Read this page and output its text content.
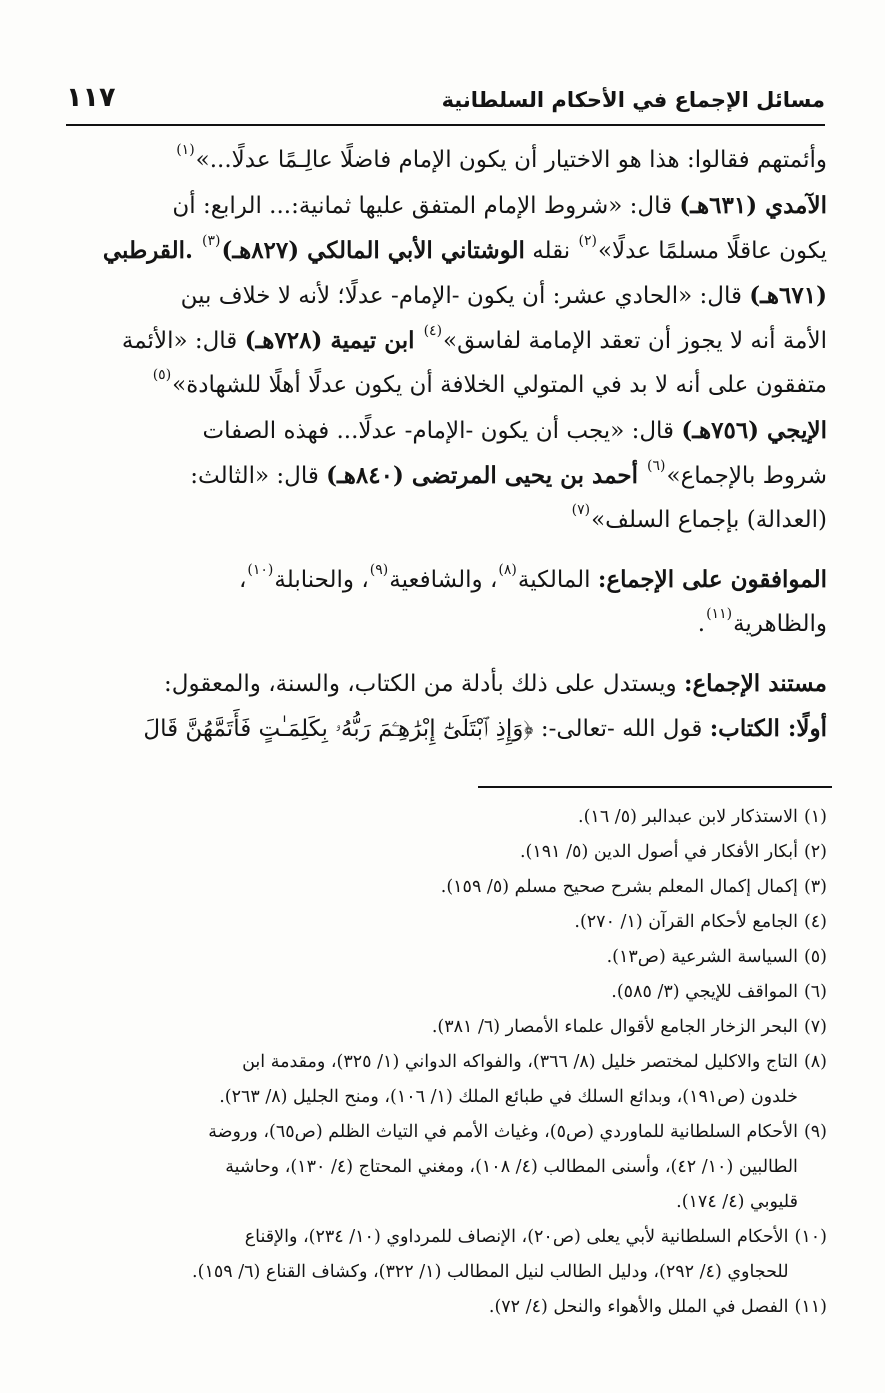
مسائل الإجماع في الأحكام السلطانية
١١٧
وأئمتهم فقالوا: هذا هو الاختيار أن يكون الإمام فاضلًا عالِـمًا عدلًا...»$^{(١)}$
الآمدي (٦٣١هـ) قال: «شروط الإمام المتفق عليها ثمانية:... الرابع: أن
يكون عاقلًا مسلمًا عدلًا»$^{(٢)}$ نقله الوشتاني الأبي المالكي (٨٢٧هـ)$^{(٣)}$ .القرطبي
(٦٧١هـ) قال: «الحادي عشر: أن يكون -الإمام- عدلًا؛ لأنه لا خلاف بين
الأمة أنه لا يجوز أن تعقد الإمامة لفاسق»$^{(٤)}$ ابن تيمية (٧٢٨هـ) قال: «الأئمة
متفقون على أنه لا بد في المتولي الخلافة أن يكون عدلًا أهلًا للشهادة»$^{(٥)}$
الإيجي (٧٥٦هـ) قال: «يجب أن يكون -الإمام- عدلًا... فهذه الصفات
شروط بالإجماع»$^{(٦)}$ أحمد بن يحيى المرتضى (٨٤٠هـ) قال: «الثالث:
(العدالة) بإجماع السلف»$^{(٧)}$
الموافقون على الإجماع: المالكية$^{(٨)}$، والشافعية$^{(٩)}$، والحنابلة$^{(١٠)}$،
والظاهرية$^{(١١)}$.
مستند الإجماع: ويستدل على ذلك بأدلة من الكتاب، والسنة، والمعقول:
أولًا: الكتاب: قول الله -تعالى-: ﴿وَإِذِ ٱبْتَلَىٰٓ إِبْرَٰهِـۧمَ رَبُّهُۥ بِكَلِمَـٰتٍ فَأَتَمَّهُنَّ قَالَ
(١)
الاستذكار لابن عبدالبر (٥/ ١٦).
(٢)
أبكار الأفكار في أصول الدين (٥/ ١٩١).
(٣)
إكمال إكمال المعلم بشرح صحيح مسلم (٥/ ١٥٩).
(٤)
الجامع لأحكام القرآن (١/ ٢٧٠).
(٥)
السياسة الشرعية (ص١٣).
(٦)
المواقف للإيجي (٣/ ٥٨٥).
(٧)
البحر الزخار الجامع لأقوال علماء الأمصار (٦/ ٣٨١).
(٨)
التاج والاكليل لمختصر خليل (٨/ ٣٦٦)، والفواكه الدواني (١/ ٣٢٥)، ومقدمة ابن
خلدون (ص١٩١)، وبدائع السلك في طبائع الملك (١/ ١٠٦)، ومنح الجليل (٨/ ٢٦٣).
(٩)
الأحكام السلطانية للماوردي (ص٥)، وغياث الأمم في التياث الظلم (ص٦٥)، وروضة
الطالبين (١٠/ ٤٢)، وأسنى المطالب (٤/ ١٠٨)، ومغني المحتاج (٤/ ١٣٠)، وحاشية
قليوبي (٤/ ١٧٤).
(١٠)
الأحكام السلطانية لأبي يعلى (ص٢٠)، الإنصاف للمرداوي (١٠/ ٢٣٤)، والإقناع
للحجاوي (٤/ ٢٩٢)، ودليل الطالب لنيل المطالب (١/ ٣٢٢)، وكشاف القناع (٦/ ١٥٩).
(١١)
الفصل في الملل والأهواء والنحل (٤/ ٧٢).
